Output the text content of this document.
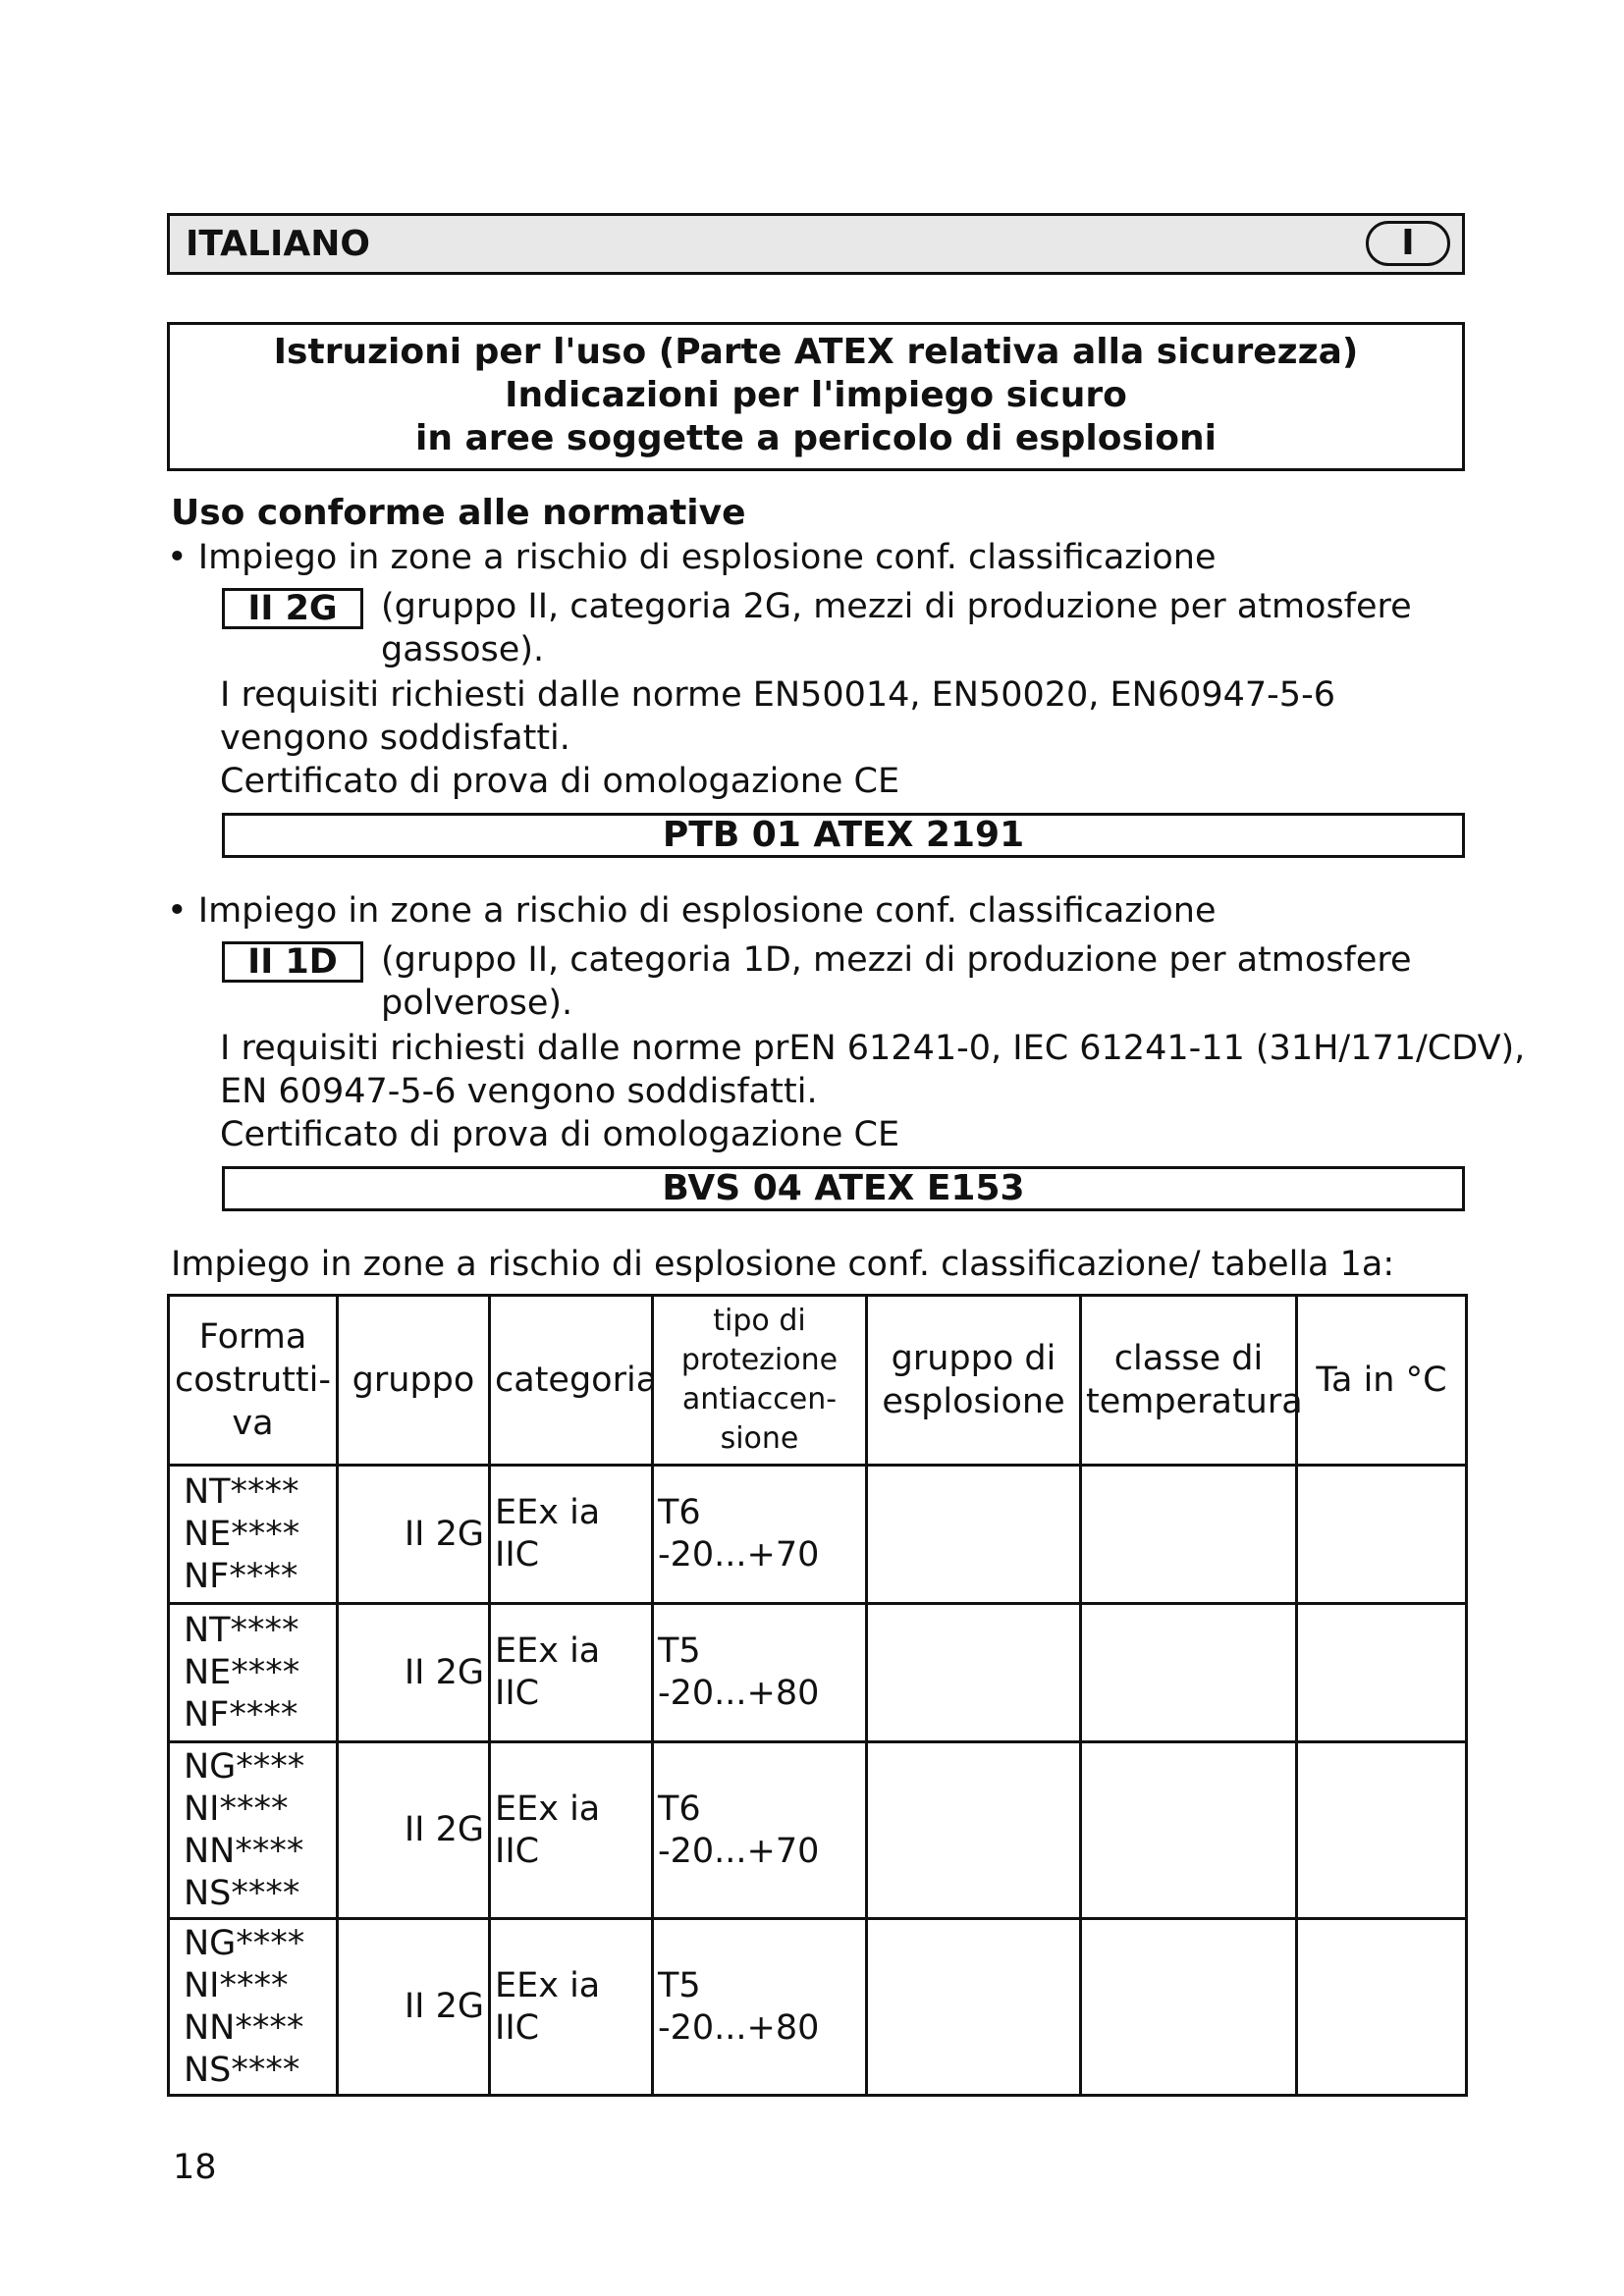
ITALIANO	I
Istruzioni per l'uso (Parte ATEX relativa alla sicurezza)
Indicazioni per l'impiego sicuro
in aree soggette a pericolo di esplosioni
Uso conforme alle normative
• Impiego in zone a rischio di esplosione conf. classificazione
II 2G	(gruppo II, categoria 2G, mezzi di produzione per atmosfere
gassose).
I requisiti richiesti dalle norme EN50014, EN50020, EN60947-5-6
vengono soddisfatti.
Certificato di prova di omologazione CE
PTB 01 ATEX 2191
• Impiego in zone a rischio di esplosione conf. classificazione
II 1D	(gruppo II, categoria 1D, mezzi di produzione per atmosfere
polverose).
I requisiti richiesti dalle norme prEN 61241-0, IEC 61241-11 (31H/171/CDV),
EN 60947-5-6 vengono soddisfatti.
Certificato di prova di omologazione CE
BVS 04 ATEX E153
Impiego in zone a rischio di esplosione conf. classificazione/ tabella 1a:
Forma
costrutti-
va	gruppo	categoria	tipo di
protezione
antiaccen-
sione	gruppo di
esplosione	classe di
temperatura	Ta in °C

NT****
NE****
NF****	II 2G	EEx ia IIC	T6 -20...+70			

NT****
NE****
NF****	II 2G	EEx ia IIC	T5 -20...+80			

NG****
NI****
NN****
NS****	II 2G	EEx ia IIC	T6 -20...+70			

NG****
NI****
NN****
NS****	II 2G	EEx ia IIC	T5 -20...+80			
18
